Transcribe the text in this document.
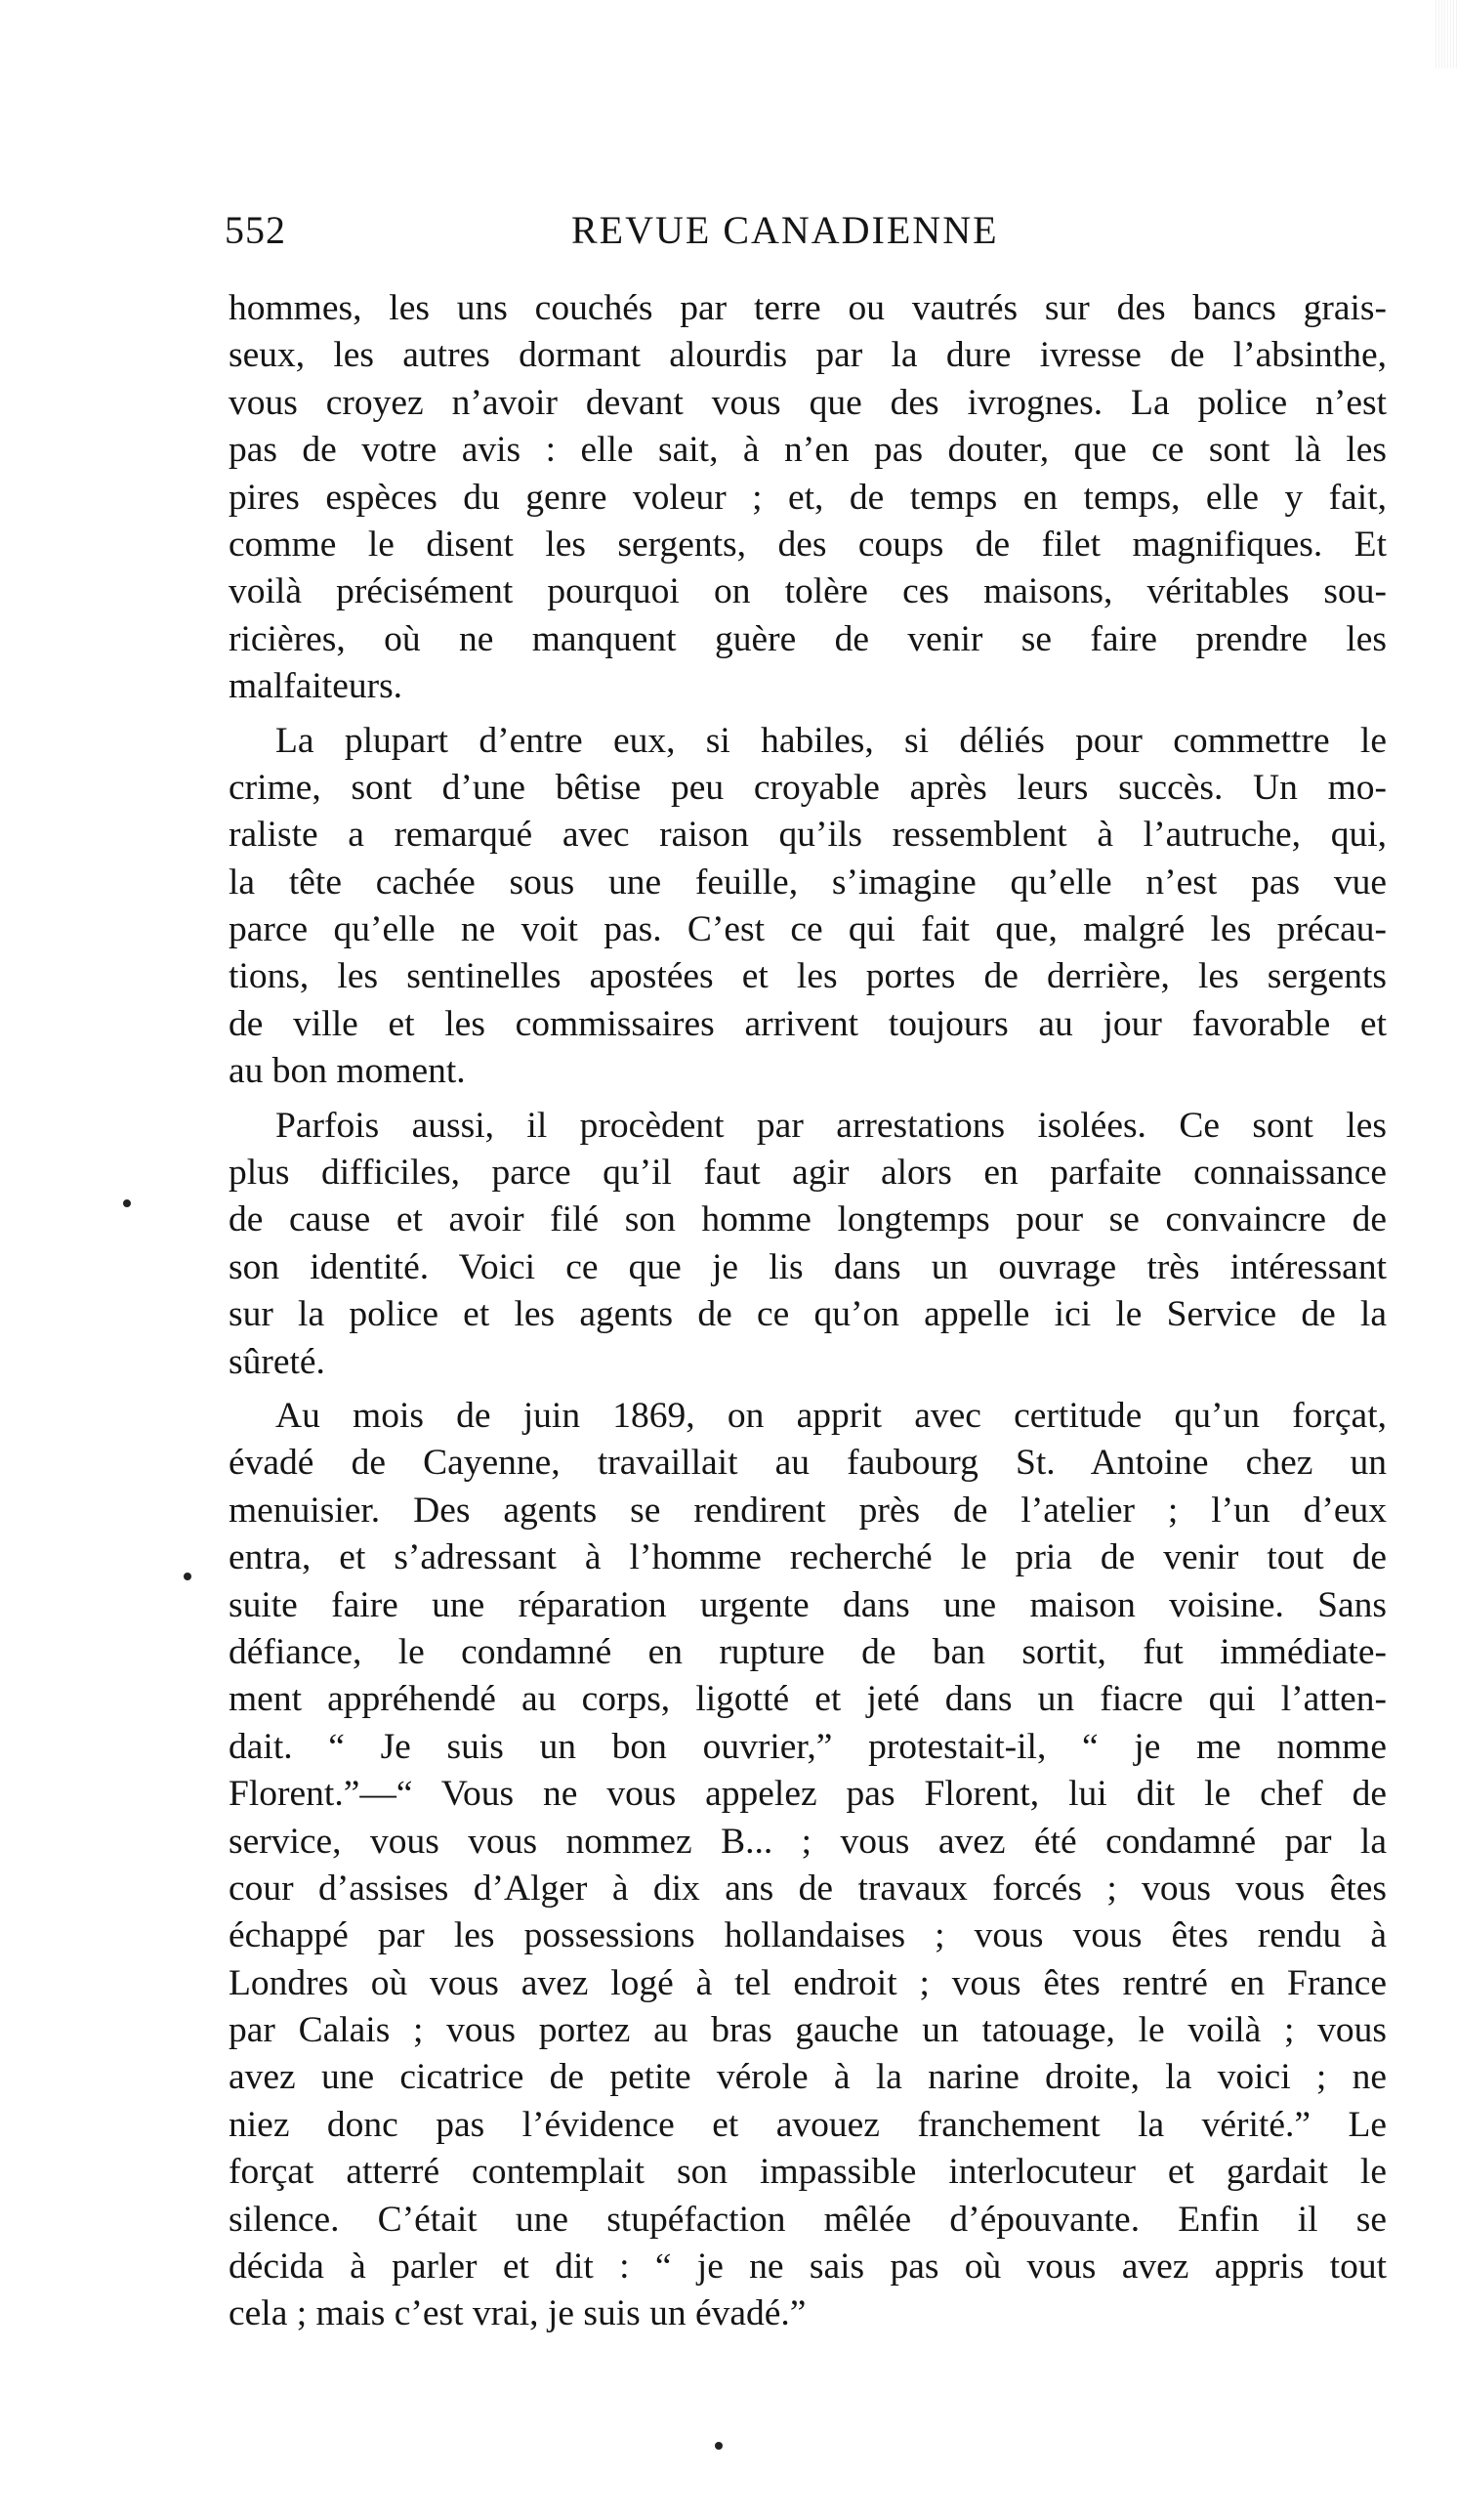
552	REVUE CANADIENNE
hommes, les uns couchés par terre ou vautrés sur des bancs grais-
seux, les autres dormant alourdis par la dure ivresse de l’absinthe,
vous croyez n’avoir devant vous que des ivrognes. La police n’est
pas de votre avis : elle sait, à n’en pas douter, que ce sont là les
pires espèces du genre voleur ; et, de temps en temps, elle y fait,
comme le disent les sergents, des coups de filet magnifiques. Et
voilà précisément pourquoi on tolère ces maisons, véritables sou-
ricières, où ne manquent guère de venir se faire prendre les
malfaiteurs.
La plupart d’entre eux, si habiles, si déliés pour commettre le
crime, sont d’une bêtise peu croyable après leurs succès. Un mo-
raliste a remarqué avec raison qu’ils ressemblent à l’autruche, qui,
la tête cachée sous une feuille, s’imagine qu’elle n’est pas vue
parce qu’elle ne voit pas. C’est ce qui fait que, malgré les précau-
tions, les sentinelles apostées et les portes de derrière, les sergents
de ville et les commissaires arrivent toujours au jour favorable et
au bon moment.
Parfois aussi, il procèdent par arrestations isolées. Ce sont les
plus difficiles, parce qu’il faut agir alors en parfaite connaissance
de cause et avoir filé son homme longtemps pour se convaincre de
son identité. Voici ce que je lis dans un ouvrage très intéressant
sur la police et les agents de ce qu’on appelle ici le Service de la
sûreté.
Au mois de juin 1869, on apprit avec certitude qu’un forçat,
évadé de Cayenne, travaillait au faubourg St. Antoine chez un
menuisier. Des agents se rendirent près de l’atelier ; l’un d’eux
entra, et s’adressant à l’homme recherché le pria de venir tout de
suite faire une réparation urgente dans une maison voisine. Sans
défiance, le condamné en rupture de ban sortit, fut immédiate-
ment appréhendé au corps, ligotté et jeté dans un fiacre qui l’atten-
dait. “ Je suis un bon ouvrier,” protestait-il, “ je me nomme
Florent.”—“ Vous ne vous appelez pas Florent, lui dit le chef de
service, vous vous nommez B... ; vous avez été condamné par la
cour d’assises d’Alger à dix ans de travaux forcés ; vous vous êtes
échappé par les possessions hollandaises ; vous vous êtes rendu à
Londres où vous avez logé à tel endroit ; vous êtes rentré en France
par Calais ; vous portez au bras gauche un tatouage, le voilà ; vous
avez une cicatrice de petite vérole à la narine droite, la voici ; ne
niez donc pas l’évidence et avouez franchement la vérité.” Le
forçat atterré contemplait son impassible interlocuteur et gardait le
silence. C’était une stupéfaction mêlée d’épouvante. Enfin il se
décida à parler et dit : “ je ne sais pas où vous avez appris tout
cela ; mais c’est vrai, je suis un évadé.”
